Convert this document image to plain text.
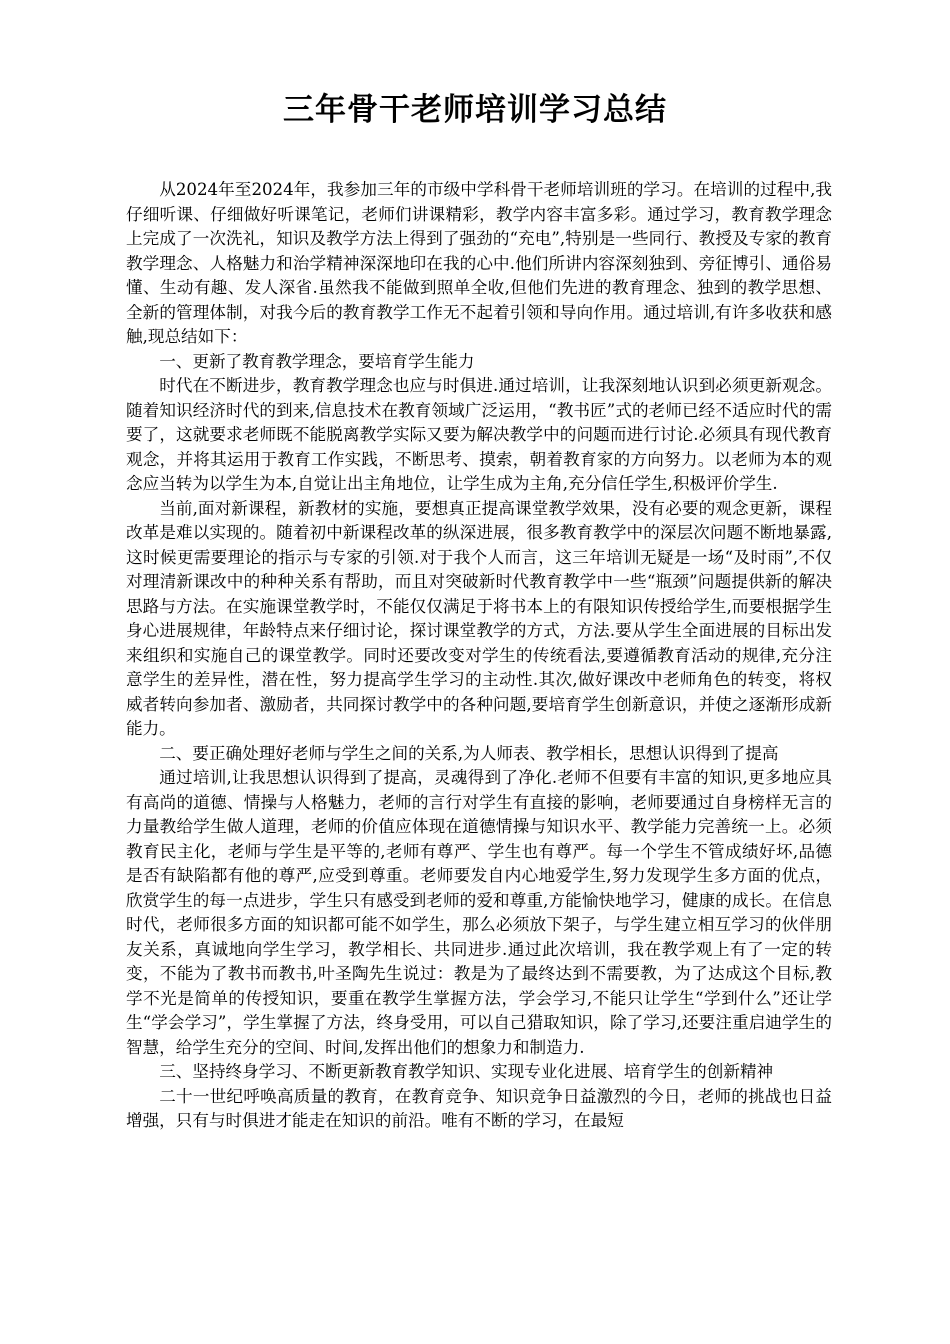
三年骨干老师培训学习总结

从2024年至2024年，我参加三年的市级中学科骨干老师培训班的学习。在培训的过程中,我仔细听课、仔细做好听课笔记，老师们讲课精彩，教学内容丰富多彩。通过学习，教育教学理念上完成了一次洗礼，知识及教学方法上得到了强劲的“充电”,特别是一些同行、教授及专家的教育教学理念、人格魅力和治学精神深深地印在我的心中.他们所讲内容深刻独到、旁征博引、通俗易懂、生动有趣、发人深省.虽然我不能做到照单全收,但他们先进的教育理念、独到的教学思想、全新的管理体制，对我今后的教育教学工作无不起着引领和导向作用。通过培训,有许多收获和感触,现总结如下：

一、更新了教育教学理念，要培育学生能力

时代在不断进步，教育教学理念也应与时俱进.通过培训，让我深刻地认识到必须更新观念。随着知识经济时代的到来,信息技术在教育领域广泛运用，“教书匠”式的老师已经不适应时代的需要了，这就要求老师既不能脱离教学实际又要为解决教学中的问题而进行讨论.必须具有现代教育观念，并将其运用于教育工作实践，不断思考、摸索，朝着教育家的方向努力。以老师为本的观念应当转为以学生为本,自觉让出主角地位，让学生成为主角,充分信任学生,积极评价学生.

当前,面对新课程，新教材的实施，要想真正提高课堂教学效果，没有必要的观念更新，课程改革是难以实现的。随着初中新课程改革的纵深进展，很多教育教学中的深层次问题不断地暴露,这时候更需要理论的指示与专家的引领.对于我个人而言，这三年培训无疑是一场“及时雨”,不仅对理清新课改中的种种关系有帮助，而且对突破新时代教育教学中一些“瓶颈”问题提供新的解决思路与方法。在实施课堂教学时，不能仅仅满足于将书本上的有限知识传授给学生,而要根据学生身心进展规律，年龄特点来仔细讨论，探讨课堂教学的方式，方法.要从学生全面进展的目标出发来组织和实施自己的课堂教学。同时还要改变对学生的传统看法,要遵循教育活动的规律,充分注意学生的差异性，潜在性，努力提高学生学习的主动性.其次,做好课改中老师角色的转变，将权威者转向参加者、激励者，共同探讨教学中的各种问题,要培育学生创新意识，并使之逐渐形成新能力。

二、要正确处理好老师与学生之间的关系,为人师表、教学相长，思想认识得到了提高

通过培训,让我思想认识得到了提高，灵魂得到了净化.老师不但要有丰富的知识,更多地应具有高尚的道德、情操与人格魅力，老师的言行对学生有直接的影响，老师要通过自身榜样无言的力量教给学生做人道理，老师的价值应体现在道德情操与知识水平、教学能力完善统一上。必须教育民主化，老师与学生是平等的,老师有尊严、学生也有尊严。每一个学生不管成绩好坏,品德是否有缺陷都有他的尊严,应受到尊重。老师要发自内心地爱学生,努力发现学生多方面的优点，欣赏学生的每一点进步，学生只有感受到老师的爱和尊重,方能愉快地学习，健康的成长。在信息时代，老师很多方面的知识都可能不如学生，那么必须放下架子，与学生建立相互学习的伙伴朋友关系，真诚地向学生学习，教学相长、共同进步.通过此次培训，我在教学观上有了一定的转变，不能为了教书而教书,叶圣陶先生说过：教是为了最终达到不需要教，为了达成这个目标,教学不光是简单的传授知识，要重在教学生掌握方法，学会学习,不能只让学生“学到什么”还让学生“学会学习”，学生掌握了方法，终身受用，可以自己猎取知识，除了学习,还要注重启迪学生的智慧，给学生充分的空间、时间,发挥出他们的想象力和制造力.

三、坚持终身学习、不断更新教育教学知识、实现专业化进展、培育学生的创新精神

二十一世纪呼唤高质量的教育，在教育竞争、知识竞争日益激烈的今日，老师的挑战也日益增强，只有与时俱进才能走在知识的前沿。唯有不断的学习，在最短
